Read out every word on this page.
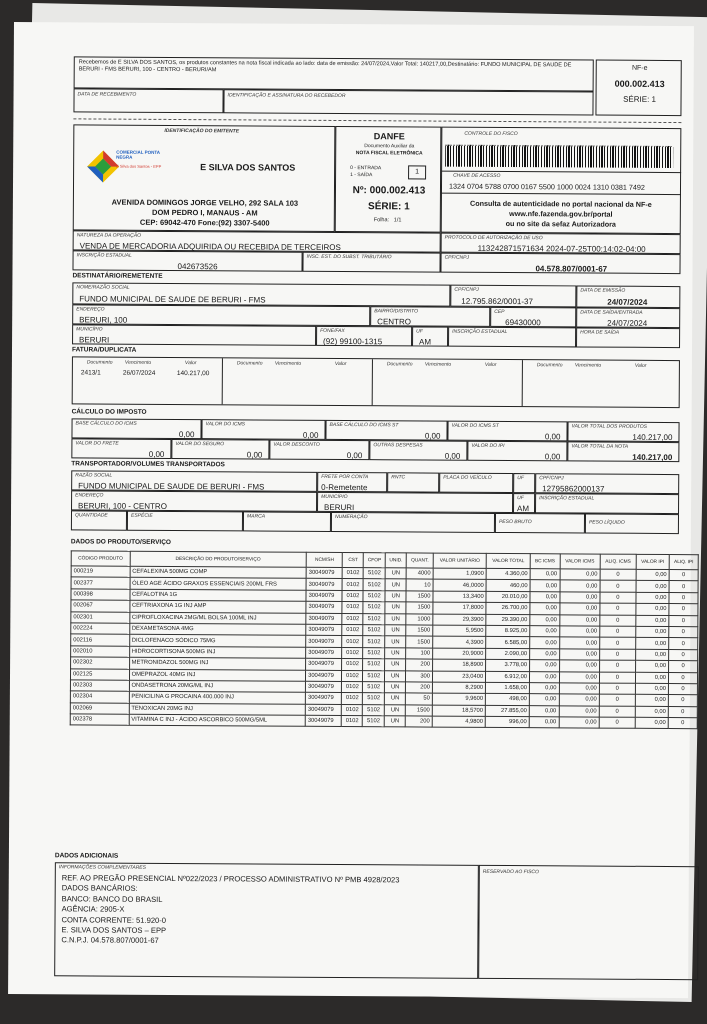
Recebemos de E SILVA DOS SANTOS, os produtos constantes na nota fiscal indicada ao lado: data de emissão: 24/07/2024,Valor Total: 140217,00,Destinatário: FUNDO MUNICIPAL DE SAUDE DE BERURI - FMS BERURI, 100 - CENTRO - BERURI/AM
DATA DE RECEBIMENTO	IDENTIFICAÇÃO E ASSINATURA DO RECEBEDOR
NF-e
000.002.413
SÉRIE: 1
IDENTIFICAÇÃO DO EMITENTE
COMERCIAL PONTA NEGRA
E Silva dos Santos - EPP	E SILVA DOS SANTOS
AVENIDA DOMINGOS JORGE VELHO, 292 SALA 103
DOM PEDRO I, MANAUS - AM
CEP: 69042-470 Fone:(92) 3307-5400
DANFE
Documento Auxiliar da
NOTA FISCAL ELETRÔNICA
0 - ENTRADA
1 - SAÍDA	1
Nº: 000.002.413
SÉRIE: 1
Folha: 1/1
CONTROLE DO FISCO
CHAVE DE ACESSO
1324 0704 5788 0700 0167 5500 1000 0024 1310 0381 7492
Consulta de autenticidade no portal nacional da NF-e
www.nfe.fazenda.gov.br/portal
ou no site da sefaz Autorizadora
NATUREZA DA OPERAÇÃO
VENDA DE MERCADORIA ADQUIRIDA OU RECEBIDA DE TERCEIROS
PROTOCOLO DE AUTORIZAÇÃO DE USO
113242871571634 2024-07-25T00:14:02-04:00
INSCRIÇÃO ESTADUAL
042673526
INSC. EST. DO SUBST. TRIBUTÁRIO	CPF/CNPJ
04.578.807/0001-67
DESTINATÁRIO/REMETENTE
NOME/RAZÃO SOCIAL
FUNDO MUNICIPAL DE SAUDE DE BERURI - FMS
CPF/CNPJ
12.795.862/0001-37
DATA DE EMISSÃO
24/07/2024
ENDEREÇO
BERURI, 100
BAIRRO/DISTRITO
CENTRO
CEP
69430000
DATA DE SAÍDA/ENTRADA
24/07/2024
MUNICÍPIO
BERURI
FONE/FAX
(92) 99100-1315
UF
AM
INSCRIÇÃO ESTADUAL	HORA DE SAÍDA
FATURA/DUPLICATA
Documento Vencimento	Valor
2413/1	26/07/2024	140.217,00
Documento Vencimento	Valor	Documento Vencimento	Valor	Documento Vencimento	Valor
CÁLCULO DO IMPOSTO
BASE CÁLCULO DO ICMS
0,00
VALOR DO ICMS
0,00
BASE CÁLCULO DO ICMS ST
0,00
VALOR DO ICMS ST
0,00
VALOR TOTAL DOS PRODUTOS
140.217,00
VALOR DO FRETE
0,00
VALOR DO SEGURO
0,00
VALOR DESCONTO
0,00
OUTRAS DESPESAS
0,00
VALOR DO IPI
0,00
VALOR TOTAL DA NOTA
140.217,00
TRANSPORTADOR/VOLUMES TRANSPORTADOS
RAZÃO SOCIAL
FUNDO MUNICIPAL DE SAUDE DE BERURI - FMS
FRETE POR CONTA
0-Remetente
RNTC	PLACA DO VEÍCULO	UF	CPF/CNPJ
12795862000137
ENDEREÇO
BERURI, 100 - CENTRO
MUNICÍPIO
BERURI
UF
AM
INSCRIÇÃO ESTADUAL
QUANTIDADE	ESPÉCIE	MARCA	NUMERAÇÃO
PESO BRUTO	PESO LÍQUIDO
DADOS DO PRODUTO/SERVIÇO
CÓDIGO PRODUTO	DESCRIÇÃO DO PRODUTO/SERVIÇO	NCM/SH	CST	CFOP	UNID.	QUANT.	VALOR UNITÁRIO	VALOR TOTAL	BC ICMS	VALOR ICMS	ALIQ. ICMS	VALOR IPI	ALIQ. IPI
000219	CEFALEXINA 500MG COMP	30049079	0102	5102	UN	4000	1,0900	4.360,00	0,00	0,00	0	0,00	0
002377	ÓLEO AGE ÁCIDO GRAXOS ESSENCIAIS 200ML FRS	30049079	0102	5102	UN	10	46,0000	460,00	0,00	0,00	0	0,00	0
000398	CEFALOTINA 1G	30049079	0102	5102	UN	1500	13,3400	20.010,00	0,00	0,00	0	0,00	0
002067	CEFTRIAXONA 1G INJ AMP	30049079	0102	5102	UN	1500	17,8000	26.700,00	0,00	0,00	0	0,00	0
002301	CIPROFLOXACINA 2MG/ML BOLSA 100ML INJ	30049079	0102	5102	UN	1000	29,3900	29.390,00	0,00	0,00	0	0,00	0
002224	DEXAMETASONA 4MG	30049079	0102	5102	UN	1500	5,9500	8.925,00	0,00	0,00	0	0,00	0
002116	DICLOFENACO SÓDICO 75MG	30049079	0102	5102	UN	1500	4,3900	6.585,00	0,00	0,00	0	0,00	0
002010	HIDROCORTISONA 500MG INJ	30049079	0102	5102	UN	100	20,9000	2.090,00	0,00	0,00	0	0,00	0
002302	METRONIDAZOL 500MG INJ	30049079	0102	5102	UN	200	18,8900	3.778,00	0,00	0,00	0	0,00	0
002125	OMEPRAZOL 40MG INJ	30049079	0102	5102	UN	300	23,0400	6.912,00	0,00	0,00	0	0,00	0
002303	ONDASETRONA 20MG/ML INJ	30049079	0102	5102	UN	200	8,2900	1.658,00	0,00	0,00	0	0,00	0
002304	PENICILINA G PROCAINA 400.000 INJ	30049079	0102	5102	UN	50	9,9600	498,00	0,00	0,00	0	0,00	0
002069	TENOXICAN 20MG INJ	30049079	0102	5102	UN	1500	18,5700	27.855,00	0,00	0,00	0	0,00	0
002378	VITAMINA C INJ - ÁCIDO ASCORBICO 500MG/5ML	30049079	0102	5102	UN	200	4,9800	996,00	0,00	0,00	0	0,00	0
DADOS ADICIONAIS
INFORMAÇÕES COMPLEMENTARES
REF. AO PREGÃO PRESENCIAL Nº022/2023 / PROCESSO ADMINISTRATIVO Nº PMB 4928/2023
DADOS BANCÁRIOS:
BANCO: BANCO DO BRASIL
AGÊNCIA: 2905-X
CONTA CORRENTE: 51.920-0
E. SILVA DOS SANTOS – EPP
C.N.P.J. 04.578.807/0001-67
RESERVADO AO FISCO
